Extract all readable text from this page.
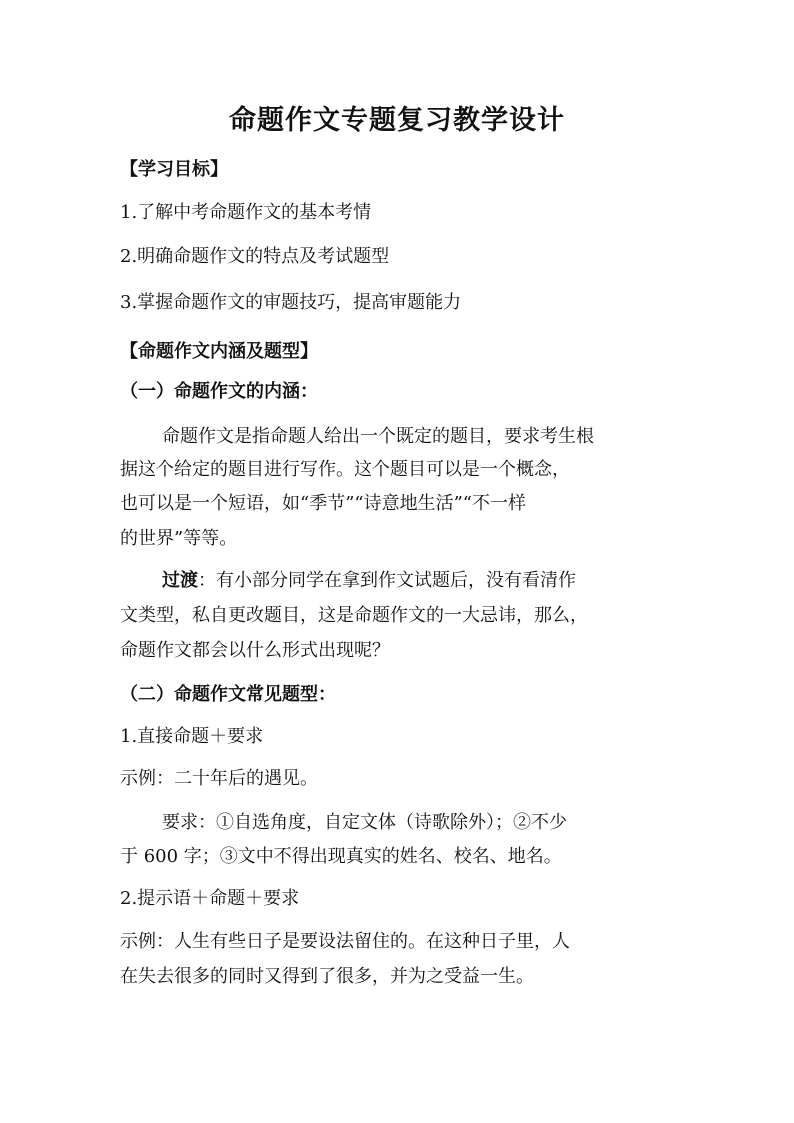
命题作文专题复习教学设计
【学习目标】
1.了解中考命题作文的基本考情
2.明确命题作文的特点及考试题型
3.掌握命题作文的审题技巧，提高审题能力
【命题作文内涵及题型】
（一）命题作文的内涵：
命题作文是指命题人给出一个既定的题目，要求考生根
据这个给定的题目进行写作。这个题目可以是一个概念，
也可以是一个短语，如“季节”“诗意地生活”“不一样
的世界”等等。
过渡：有小部分同学在拿到作文试题后，没有看清作
文类型，私自更改题目，这是命题作文的一大忌讳，那么，
命题作文都会以什么形式出现呢？
（二）命题作文常见题型：
1.直接命题＋要求
示例：二十年后的遇见。
要求：①自选角度，自定文体（诗歌除外）；②不少
于 600 字；③文中不得出现真实的姓名、校名、地名。
2.提示语＋命题＋要求
示例：人生有些日子是要设法留住的。在这种日子里，人
在失去很多的同时又得到了很多，并为之受益一生。
